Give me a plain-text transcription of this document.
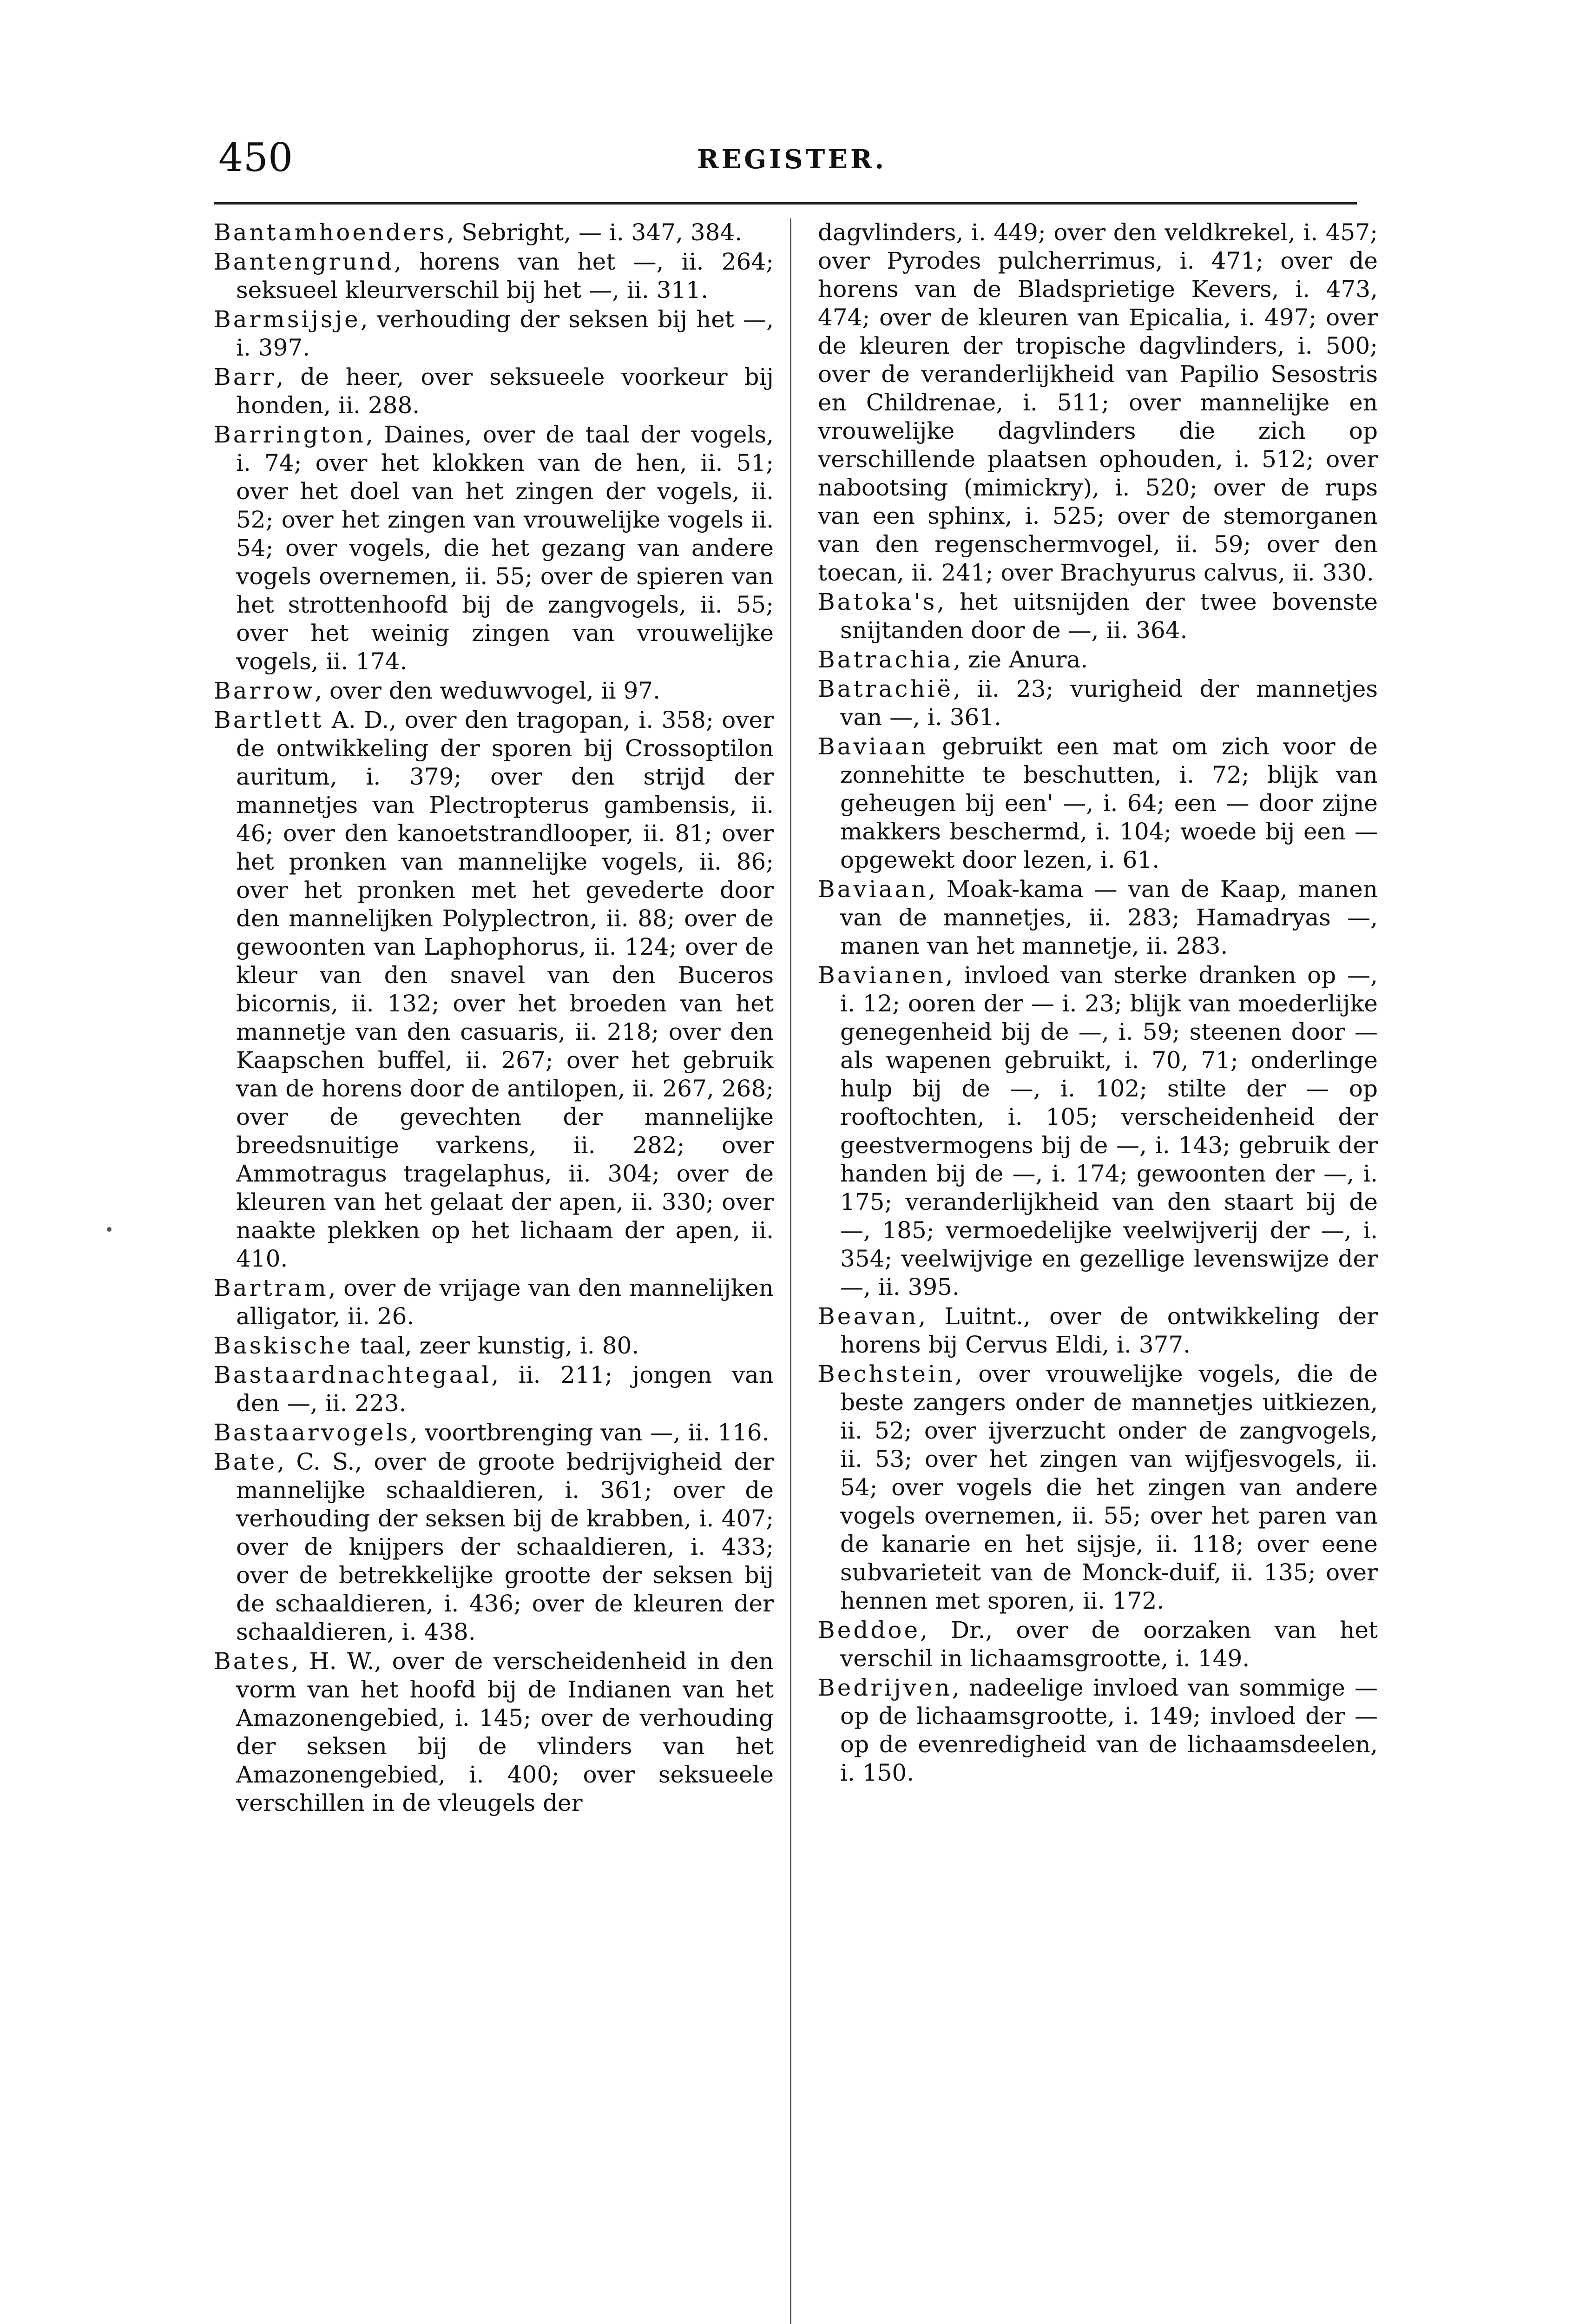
450	REGISTER.

Bantamhoenders, Sebright, — i. 347, 384.

Bantengrund, horens van het —, ii. 264; seksueel kleurverschil bij het —, ii. 311.

Barmsijsje, verhouding der seksen bij het —, i. 397.

Barr, de heer, over seksueele voorkeur bij honden, ii. 288.

Barrington, Daines, over de taal der vogels, i. 74; over het klokken van de hen, ii. 51; over het doel van het zingen der vogels, ii. 52; over het zingen van vrouwelijke vogels ii. 54; over vogels, die het gezang van andere vogels overnemen, ii. 55; over de spieren van het strottenhoofd bij de zangvogels, ii. 55; over het weinig zingen van vrouwelijke vogels, ii. 174.

Barrow, over den weduwvogel, ii 97.

Bartlett A. D., over den tragopan, i. 358; over de ontwikkeling der sporen bij Crossoptilon auritum, i. 379; over den strijd der mannetjes van Plectropterus gambensis, ii. 46; over den kanoetstrandlooper, ii. 81; over het pronken van mannelijke vogels, ii. 86; over het pronken met het gevederte door den mannelijken Polyplectron, ii. 88; over de gewoonten van Laphophorus, ii. 124; over de kleur van den snavel van den Buceros bicornis, ii. 132; over het broeden van het mannetje van den casuaris, ii. 218; over den Kaapschen buffel, ii. 267; over het gebruik van de horens door de antilopen, ii. 267, 268; over de gevechten der mannelijke breedsnuitige varkens, ii. 282; over Ammotragus tragelaphus, ii. 304; over de kleuren van het gelaat der apen, ii. 330; over naakte plekken op het lichaam der apen, ii. 410.

Bartram, over de vrijage van den mannelijken alligator, ii. 26.

Baskische taal, zeer kunstig, i. 80.

Bastaardnachtegaal, ii. 211; jongen van den —, ii. 223.

Bastaarvogels, voortbrenging van —, ii. 116.

Bate, C. S., over de groote bedrijvigheid der mannelijke schaaldieren, i. 361; over de verhouding der seksen bij de krabben, i. 407; over de knijpers der schaaldieren, i. 433; over de betrekkelijke grootte der seksen bij de schaaldieren, i. 436; over de kleuren der schaaldieren, i. 438.

Bates, H. W., over de verscheidenheid in den vorm van het hoofd bij de Indianen van het Amazonengebied, i. 145; over de verhouding der seksen bij de vlinders van het Amazonengebied, i. 400; over seksueele verschillen in de vleugels der

dagvlinders, i. 449; over den veldkrekel, i. 457; over Pyrodes pulcherrimus, i. 471; over de horens van de Bladsprietige Kevers, i. 473, 474; over de kleuren van Epicalia, i. 497; over de kleuren der tropische dagvlinders, i. 500; over de veranderlijkheid van Papilio Sesostris en Childrenae, i. 511; over mannelijke en vrouwelijke dagvlinders die zich op verschillende plaatsen ophouden, i. 512; over nabootsing (mimickry), i. 520; over de rups van een sphinx, i. 525; over de stemorganen van den regenschermvogel, ii. 59; over den toecan, ii. 241; over Brachyurus calvus, ii. 330.

Batoka's, het uitsnijden der twee bovenste snijtanden door de —, ii. 364.

Batrachia, zie Anura.

Batrachië, ii. 23; vurigheid der mannetjes van —, i. 361.

Baviaan gebruikt een mat om zich voor de zonnehitte te beschutten, i. 72; blijk van geheugen bij een' —, i. 64; een — door zijne makkers beschermd, i. 104; woede bij een — opgewekt door lezen, i. 61.

Baviaan, Moak-kama — van de Kaap, manen van de mannetjes, ii. 283; Hamadryas —, manen van het mannetje, ii. 283.

Bavianen, invloed van sterke dranken op —, i. 12; ooren der — i. 23; blijk van moederlijke genegenheid bij de —, i. 59; steenen door — als wapenen gebruikt, i. 70, 71; onderlinge hulp bij de —, i. 102; stilte der — op rooftochten, i. 105; verscheidenheid der geestvermogens bij de —, i. 143; gebruik der handen bij de —, i. 174; gewoonten der —, i. 175; veranderlijkheid van den staart bij de —, 185; vermoedelijke veelwijverij der —, i. 354; veelwijvige en gezellige levenswijze der —, ii. 395.

Beavan, Luitnt., over de ontwikkeling der horens bij Cervus Eldi, i. 377.

Bechstein, over vrouwelijke vogels, die de beste zangers onder de mannetjes uitkiezen, ii. 52; over ijverzucht onder de zangvogels, ii. 53; over het zingen van wijfjesvogels, ii. 54; over vogels die het zingen van andere vogels overnemen, ii. 55; over het paren van de kanarie en het sijsje, ii. 118; over eene subvarieteit van de Monck-duif, ii. 135; over hennen met sporen, ii. 172.

Beddoe, Dr., over de oorzaken van het verschil in lichaamsgrootte, i. 149.

Bedrijven, nadeelige invloed van sommige — op de lichaamsgrootte, i. 149; invloed der — op de evenredigheid van de lichaamsdeelen, i. 150.
